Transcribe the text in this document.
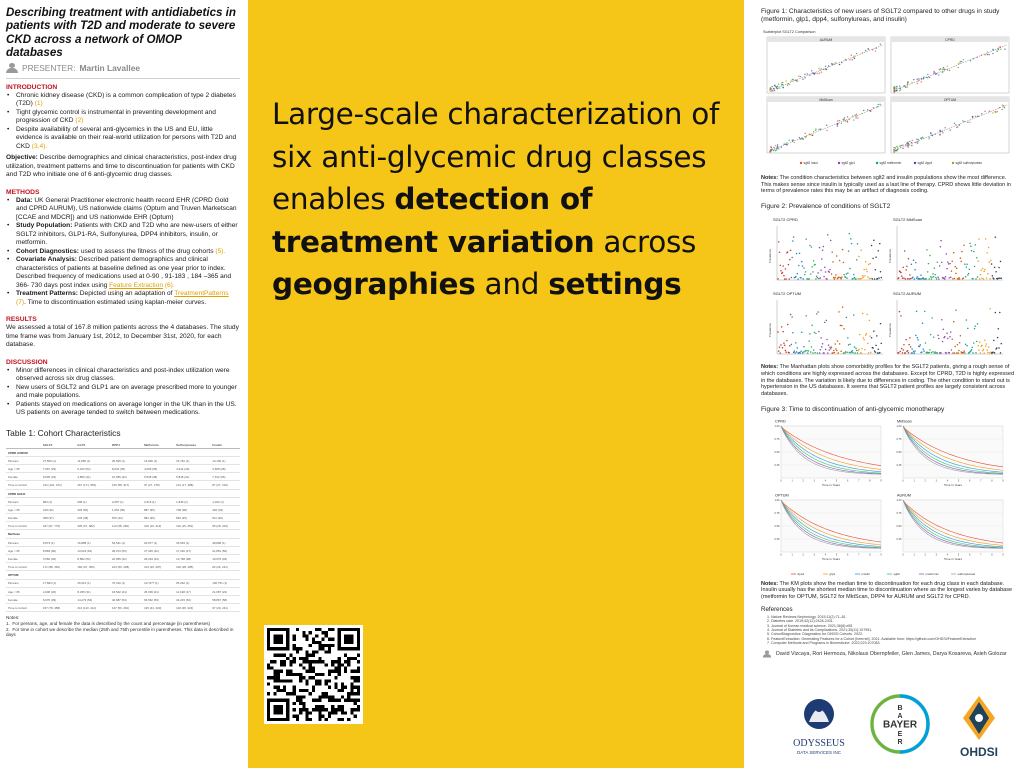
Describing treatment with antidiabetics in patients with T2D and moderate to severe CKD across a network of OMOP databases
PRESENTER: Martin Lavallee
INTRODUCTION
• Chronic kidney disease (CKD) is a common complication of type 2 diabetes (T2D) (1)
• Tight glycemic control is instrumental in preventing development and progression of CKD (2)
• Despite availability of several anti-glycemics in the US and EU, little evidence is available on their real-world utilization for persons with T2D and CKD (3,4).
Objective: Describe demographics and clinical characteristics, post-index drug utilization, treatment patterns and time to discontinuation for patients with CKD and T2D who initiate one of 6 anti-glycemic drug classes.
METHODS
• Data: UK General Practitioner electronic health record EHR (CPRD Gold and CPRD AURUM), US nationwide claims (Optum and Truven Marketscan [CCAE and MDCR]) and US nationwide EHR (Optum)
• Study Population: Patients with CKD and T2D who are new-users of either SGLT2 inhibitors, GLP1-RA, Sulfonylurea, DPP4 inhibitors, insulin, or metformin.
• Cohort Diagnostics: used to assess the fitness of the drug cohorts (5).
• Covariate Analysis: Described patient demographics and clinical characteristics of patients at baseline defined as one year prior to index. Described frequency of medications used at 0-90 , 91-183 , 184 –365 and 366- 730 days post index using Feature Extraction (6).
• Treatment Patterns: Depicted using an adaptation of TreatmentPatterns (7). Time to discontinuation estimated using kaplan-meier curves.
RESULTS
We assessed a total of 167.8 million patients across the 4 databases. The study time frame was from January 1st, 2012, to December 31st, 2020, for each database.
DISCUSSION
• Minor differences in clinical characteristics and post-index utilization were observed across six drug classes.
• New users of SGLT2 and GLP1 are on average prescribed more to younger and male populations.
• Patients stayed on medications on average longer in the UK than in the US. US patients on average tended to switch between medications.
Table 1: Cohort Characteristics
	SGLT2	GLP1	DPP4	Metformin	Sulfonylureas	Insulin
CPRD AURUM						
Persons	27,569 (1)	11,866 (1)	25,609 (1)	13,606 (1)	16,740 (1)	13,106 (1)
Age < 65	7,997 (29)	6,163 (52)	8,944 (35)	4,699 (35)	4,914 (29)	3,608 (28)
Female	9,505 (34)	4,850 (41)	10,655 (42)	6,538 (48)	6,818 (41)	7,312 (56)
Time to Cohort	212 (122, 472)	267 (171, 581)	130 (58, 317)	97 (27, 278)	101 (17, 388)	87 (27, 216)
CPRD GOLD						
Persons	984 (1)	608 (1)	2,087 (1)	2,515 (1)	1,849 (1)	1,043 (1)
Age < 65	318 (32)	303 (50)	1,052 (50)	887 (35)	708 (38)	346 (33)
Female	368 (37)	233 (38)	879 (42)	981 (39)	832 (45)	511 (49)
Time to Cohort	247 (97, 776)	305 (97, 682)	113 (58, 296)	100 (16, 312)	116 (15, 451)	95 (28, 204)
MarScan						
Persons	9,873 (1)	16,888 (1)	54,541 (1)	64,877 (1)	36,504 (1)	38,808 (1)
Age < 65	8,883 (90)	13,624 (81)	29,073 (53)	27,345 (42)	17,226 (47)	21,851 (56)
Female	3,566 (36)	8,852 (52)	22,955 (42)	28,034 (43)	13,768 (38)	19,075 (49)
Time to Cohort	171 (88, 362)	182 (97, 350)	104 (56, 268)	104 (29, 287)	100 (28, 285)	82 (26, 241)
OPTUM						
Persons	17,683 (1)	26,512 (1)	76,010 (1)	117,877 (1)	65,262 (1)	100,751 (1)
Age < 65	4,608 (26)	8,335 (31)	18,542 (24)	25,099 (21)	11,198 (17)	21,687 (22)
Female	6,976 (39)	14,279 (54)	40,687 (54)	66,562 (56)	34,215 (52)	58,867 (58)
Time to Cohort	157 (78, 358)	216 (110, 414)	137 (56, 281)	125 (44, 330)	119 (38, 323)	97 (29, 241)
Notes:
1.  For persons, age, and female the data is described by the count and percentage (in parentheses)
2.  For time in cohort we describe the median (25th and 75th percentile in parentheses. This data is described in days
Large-scale characterization of six anti-glycemic drug classes enables detection of treatment variation across geographies and settings
Figure 1: Characteristics of new users of SGLT2 compared to other drugs in study (metformin, glp1, dpp4, sulfonylureas, and insulin)
Scatterplot SGLT2 Comparison
AURUM	CPRD
MktScan	OPTUM
sglt2 insul	sglt2 glp1	sglt2 metformin	sglt2 dpp4	sglt2 sulfonylureas
Notes: The condition characteristics between sglt2 and insulin populations show the most difference. This makes sense since insulin is typically used as a last line of therapy. CPRD shows little deviation in terms of prevalence rates this may be an artifact of diagnosis coding.
Figure 2: Prevalence of conditions of SGLT2
SGLT2 CPRD
Prevalence
SGLT2 MktScan
Prevalence
SGLT2 OPTUM
Prevalence
SGLT2 AURUM
Prevalence
Notes: The Manhattan plots show comorbidity profiles for the SGLT2 patients, giving a rough sense of which conditions are highly expressed across the databases. Except for CPRD, T2D is highly expressed in the databases. The variation is likely due to differences in coding. The other condition to stand out is hypertension in the US databases. It seems that SGLT2 patient profiles are largely consistent across databases.
Figure 3: Time to discontinuation of anti-glycemic monotherapy
CPRD
1.00
0.75
0.50
0.25
0	1	2	3	4	5	6	7	8	9
Time in Years
MktScan
1.00
0.75
0.50
0.25
0	1	2	3	4	5	6	7	8	9
Time in Years
OPTUM
1.00
0.75
0.50
0.25
0	1	2	3	4	5	6	7	8	9
Time in Years
AURUM
1.00
0.75
0.50
0.25
0	1	2	3	4	5	6	7	8	9
Time in Years
dpp4	glp1	insulin	sglt2	metformin	sulfonylureas
Notes: The KM plots show the median time to discontinuation for each drug class in each database. Insulin usually has the shortest median time to discontinuation where as the longest varies by database (metformin for OPTUM, SGLT2 for MktScan, DPP4 for AURUM and SGLT2 for CPRD.
References
1. Nature Reviews Nephrology. 2015;11(2):71–81.
2. Diabetes care. 2019;42(12):2428-2431.
3. Journal of Korean medical science. 2021;36(8):e55
4. Journal of Diabetes and its Complications. 2021;35(11):107951.
5. CohortDiagnostics: Diagnostics for OHDSI Cohorts. 2022.
6. FeatureExtraction: Generating Features for a Cohort [Internet]. 2021. Available from: https://github.com/OHDSI/FeatureExtraction
7. Computer Methods and Programs in Biomedicine. 2022;223:107083.
David Vizcaya, Rori Hermoza, Nikolaus Obernpfeiler, Glen James, Darya Kosareva, Asieh Golozar
ODYSSEUS
DATA SERVICES INC
BAYER
B
A
E
R
OHDSI
